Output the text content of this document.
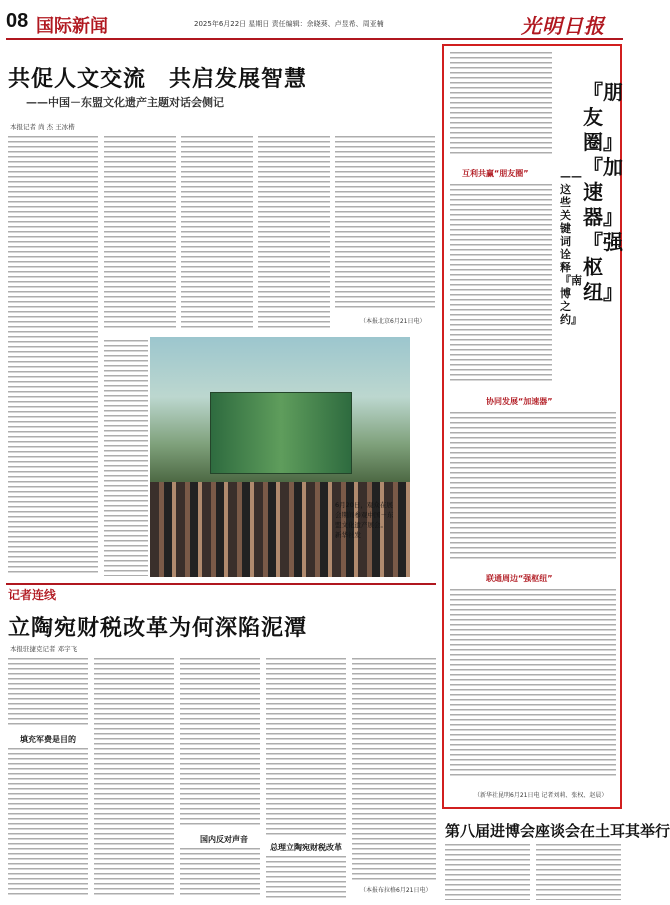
08 国际新闻	2025年6月22日 星期日 责任编辑：余晓葵、卢昱希、周亚楠	光明日报
共促人文交流　共启发展智慧
——中国－东盟文化遗产主题对话会侧记
本报记者 尚 杰 王冰楷
（本报北京6月21日电）
6月20日，观众在展会期间参观中国－东盟文化遗产展会。　　新华社发
记者连线
立陶宛财税改革为何深陷泥潭
本报驻捷克记者 邓宇飞
填充军费是目的
国内反对声音
总理立陶宛财税改革
（本报布拉格6月21日电）
『朋友圈』『加速器』『强枢纽』
——这些关键词诠释『南博之约』
互利共赢“朋友圈”
协同发展“加速器”
联通周边“强枢纽”
（新华社昆明6月21日电 记者刘莉、张权、赵晨）
第八届进博会座谈会在土耳其举行
